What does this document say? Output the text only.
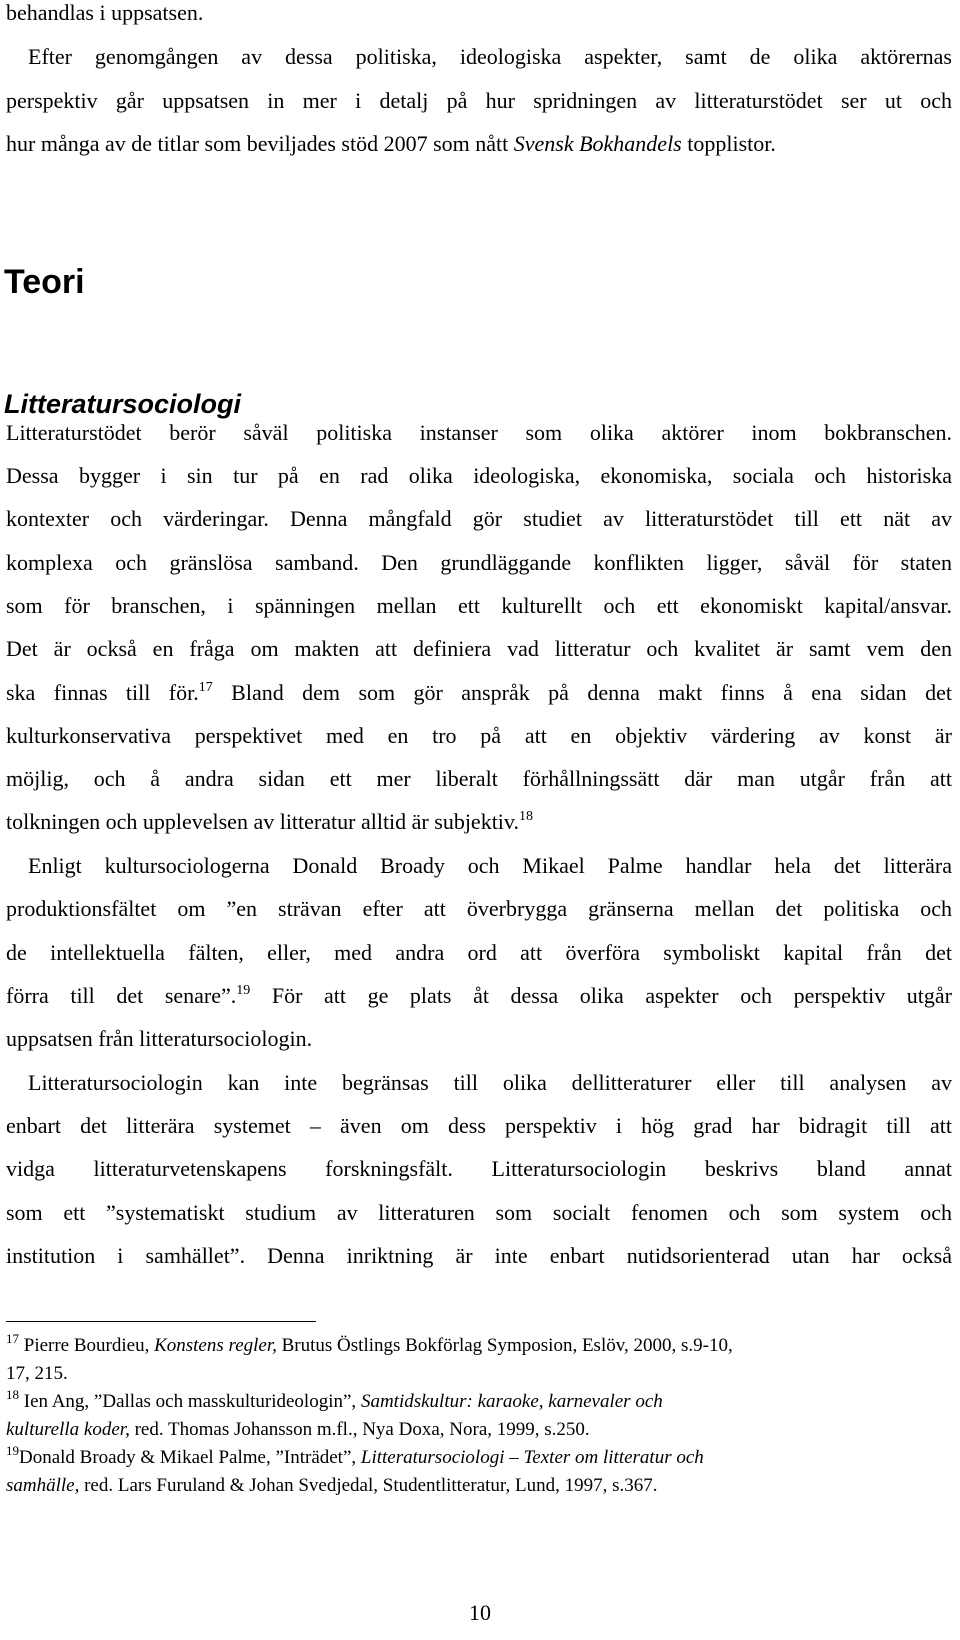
behandlas i uppsatsen.

Efter genomgången av dessa politiska, ideologiska aspekter, samt de olika aktörernas

perspektiv går uppsatsen in mer i detalj på hur spridningen av litteraturstödet ser ut och

hur många av de titlar som beviljades stöd 2007 som nått Svensk Bokhandels topplistor.

Teori
Litteratursociologi

Litteraturstödet berör såväl politiska instanser som olika aktörer inom bokbranschen.

Dessa bygger i sin tur på en rad olika ideologiska, ekonomiska, sociala och historiska

kontexter och värderingar. Denna mångfald gör studiet av litteraturstödet till ett nät av

komplexa och gränslösa samband. Den grundläggande konflikten ligger, såväl för staten

som för branschen, i spänningen mellan ett kulturellt och ett ekonomiskt kapital/ansvar.

Det är också en fråga om makten att definiera vad litteratur och kvalitet är samt vem den

ska finnas till för.$^{17}$ Bland dem som gör anspråk på denna makt finns å ena sidan det

kulturkonservativa perspektivet med en tro på att en objektiv värdering av konst är

möjlig, och å andra sidan ett mer liberalt förhållningssätt där man utgår från att

tolkningen och upplevelsen av litteratur alltid är subjektiv.$^{18}$

Enligt kultursociologerna Donald Broady och Mikael Palme handlar hela det litterära

produktionsfältet om ”en strävan efter att överbrygga gränserna mellan det politiska och

de intellektuella fälten, eller, med andra ord att överföra symboliskt kapital från det

förra till det senare”.$^{19}$ För att ge plats åt dessa olika aspekter och perspektiv utgår

uppsatsen från litteratursociologin.

Litteratursociologin kan inte begränsas till olika dellitteraturer eller till analysen av

enbart det litterära systemet – även om dess perspektiv i hög grad har bidragit till att

vidga litteraturvetenskapens forskningsfält. Litteratursociologin beskrivs bland annat

som ett ”systematiskt studium av litteraturen som socialt fenomen och som system och

institution i samhället”. Denna inriktning är inte enbart nutidsorienterad utan har också

$^{17}$ Pierre Bourdieu, Konstens regler, Brutus Östlings Bokförlag Symposion, Eslöv, 2000, s.9-10,

17, 215.

$^{18}$ Ien Ang, ”Dallas och masskulturideologin”, Samtidskultur: karaoke, karnevaler och

kulturella koder, red. Thomas Johansson m.fl., Nya Doxa, Nora, 1999, s.250.

$^{19}$Donald Broady & Mikael Palme, ”Inträdet”, Litteratursociologi – Texter om litteratur och

samhälle, red. Lars Furuland & Johan Svedjedal, Studentlitteratur, Lund, 1997, s.367.

10
